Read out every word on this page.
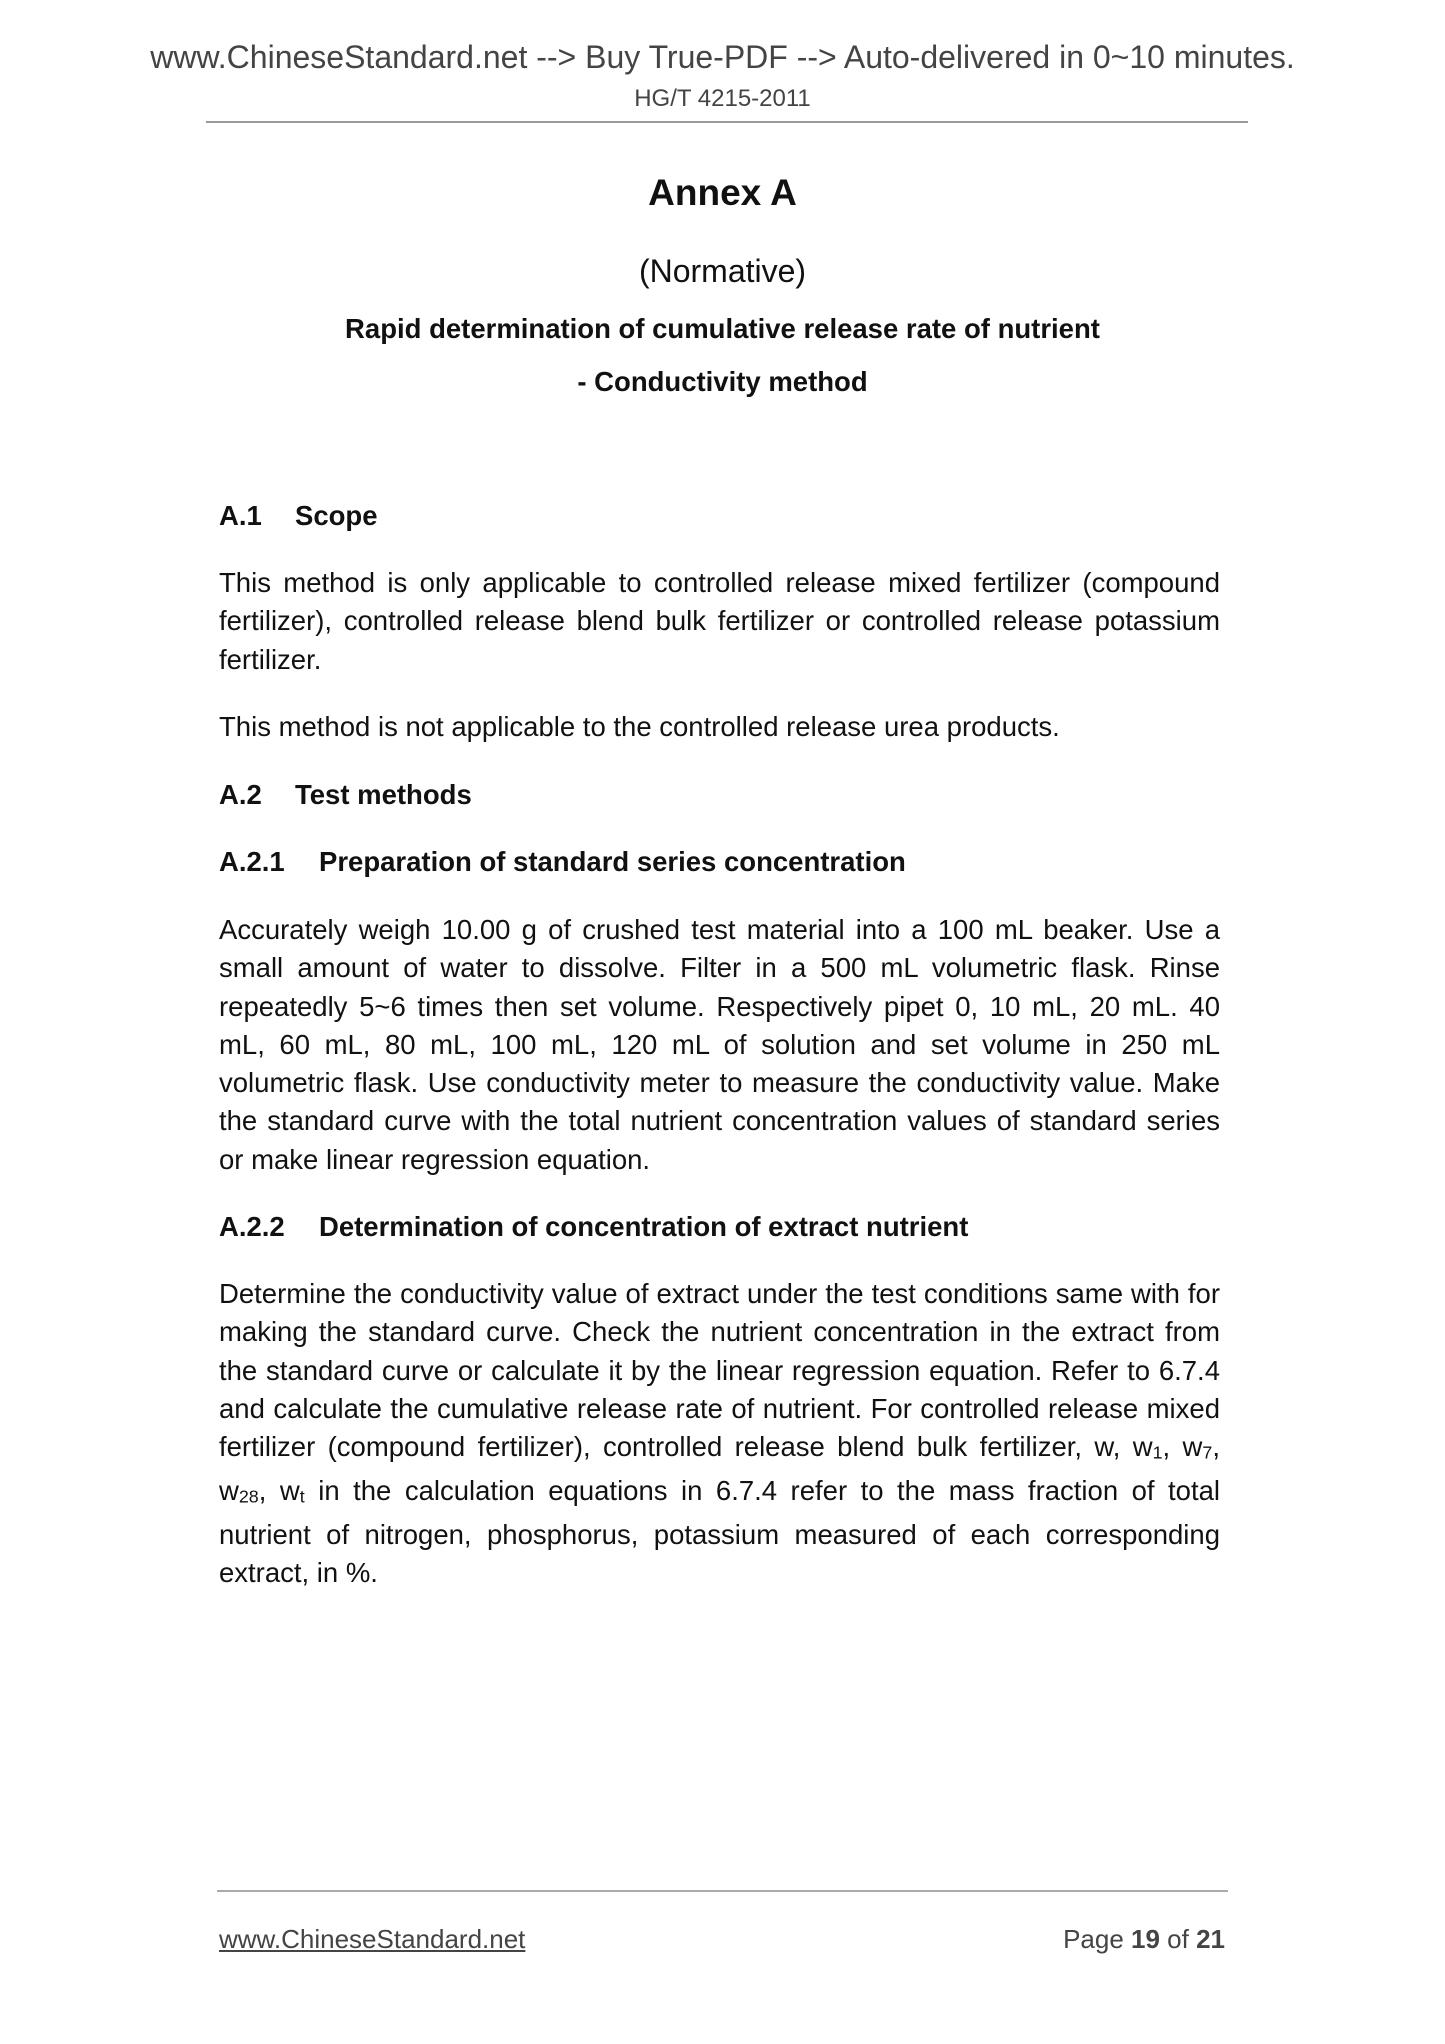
www.ChineseStandard.net --> Buy True-PDF --> Auto-delivered in 0~10 minutes.
HG/T 4215-2011
Annex A
(Normative)
Rapid determination of cumulative release rate of nutrient
- Conductivity method
A.1 Scope
This method is only applicable to controlled release mixed fertilizer (compound fertilizer), controlled release blend bulk fertilizer or controlled release potassium fertilizer.
This method is not applicable to the controlled release urea products.
A.2 Test methods
A.2.1 Preparation of standard series concentration
Accurately weigh 10.00 g of crushed test material into a 100 mL beaker. Use a small amount of water to dissolve. Filter in a 500 mL volumetric flask. Rinse repeatedly 5~6 times then set volume. Respectively pipet 0, 10 mL, 20 mL. 40 mL, 60 mL, 80 mL, 100 mL, 120 mL of solution and set volume in 250 mL volumetric flask. Use conductivity meter to measure the conductivity value. Make the standard curve with the total nutrient concentration values of standard series or make linear regression equation.
A.2.2 Determination of concentration of extract nutrient
Determine the conductivity value of extract under the test conditions same with for making the standard curve. Check the nutrient concentration in the extract from the standard curve or calculate it by the linear regression equation. Refer to 6.7.4 and calculate the cumulative release rate of nutrient. For controlled release mixed fertilizer (compound fertilizer), controlled release blend bulk fertilizer, w, $w_1$, $w_7$, $w_{28}$, $w_t$ in the calculation equations in 6.7.4 refer to the mass fraction of total nutrient of nitrogen, phosphorus, potassium measured of each corresponding extract, in %.
www.ChineseStandard.net	Page 19 of 21
